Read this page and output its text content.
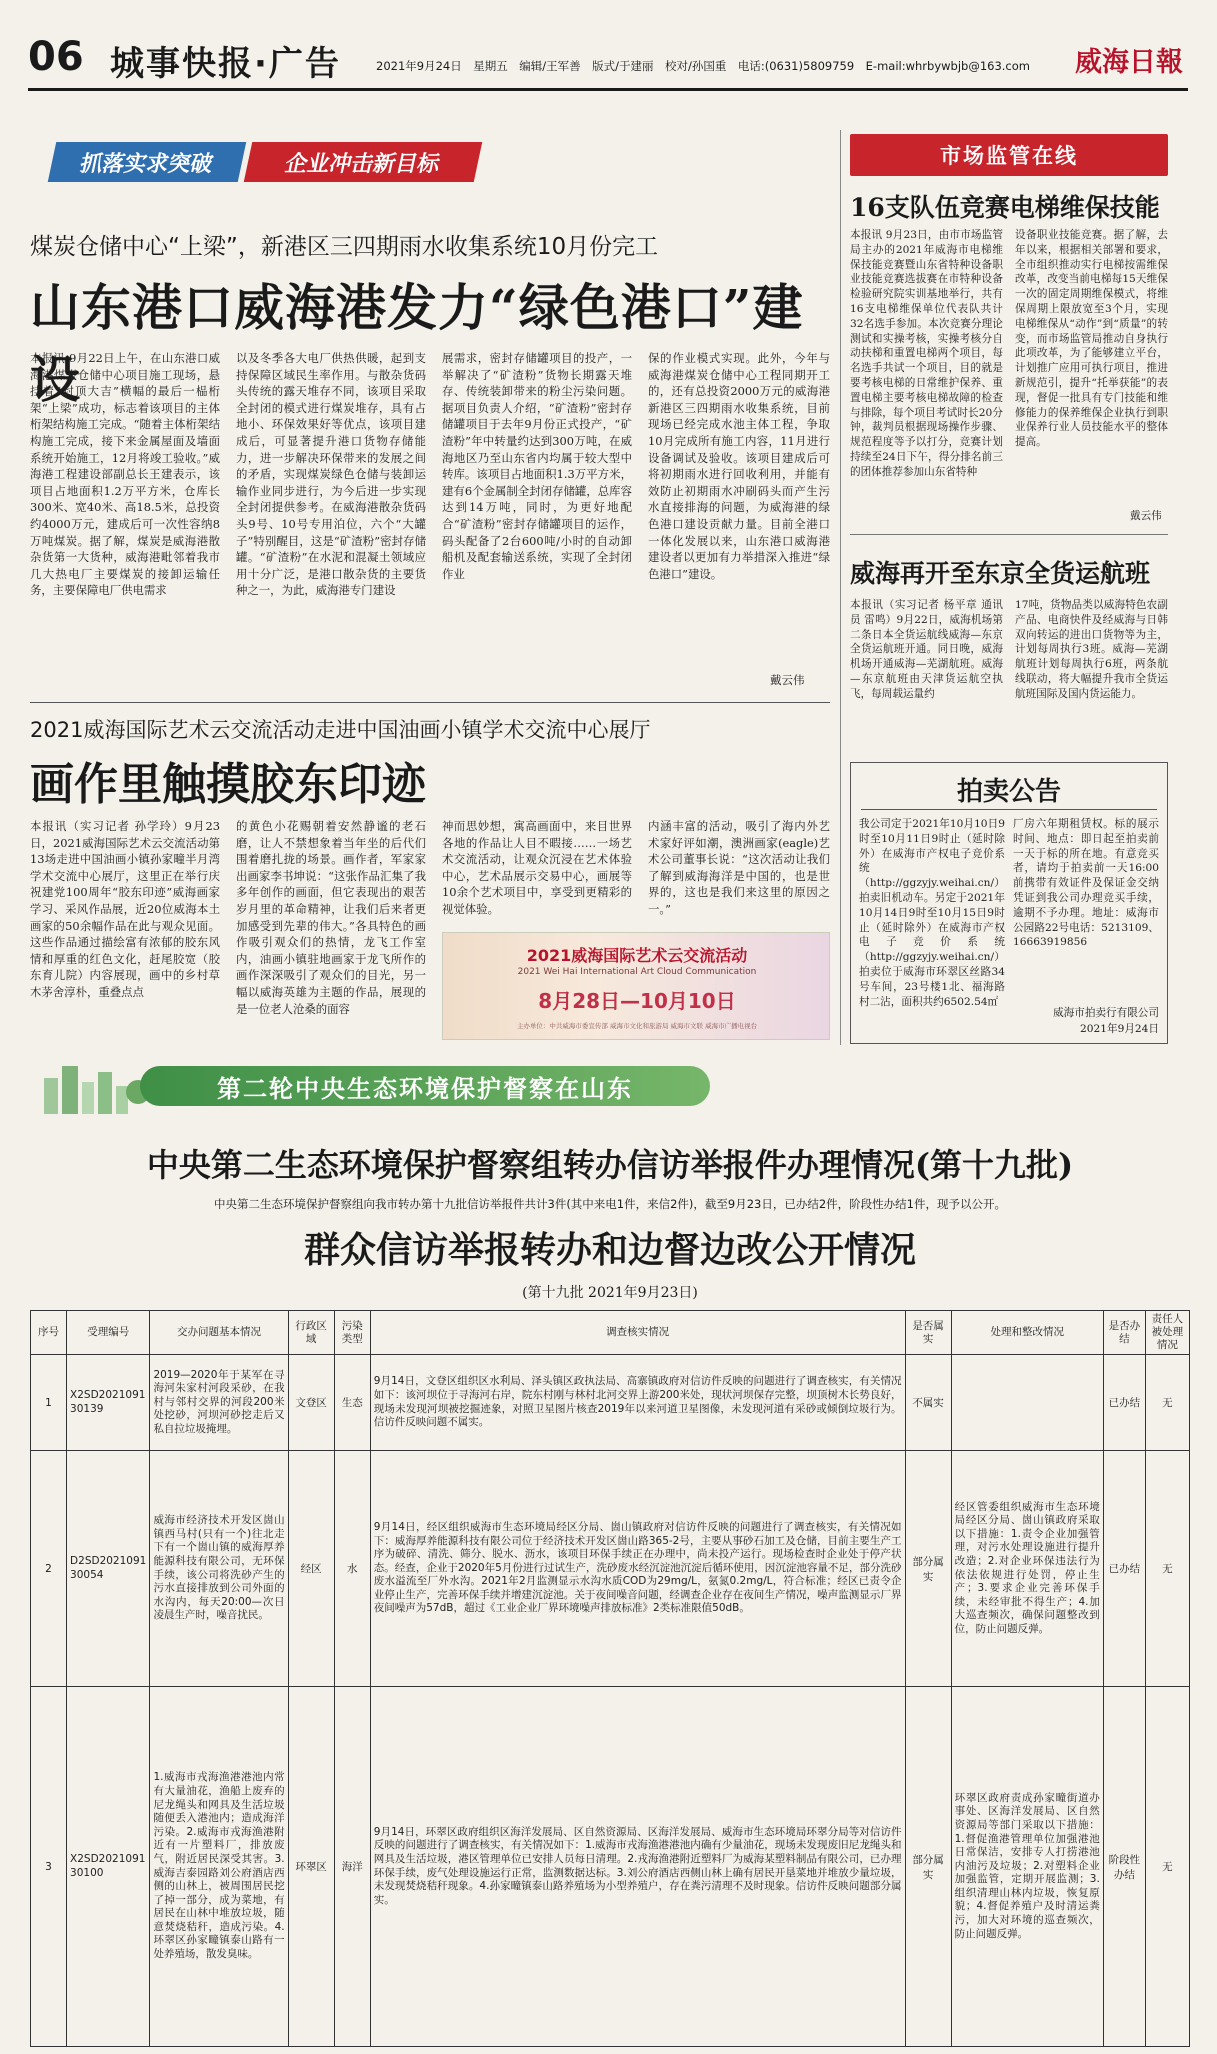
06 城事快报·广告	2021年9月24日　星期五　编辑/王军善　版式/于建丽　校对/孙国重　电话:(0631)5809759　E-mail:whrbywbjb@163.com 威海日報
抓落实求突破	企业冲击新目标
煤炭仓储中心“上梁”，新港区三四期雨水收集系统10月份完工
山东港口威海港发力“绿色港口”建设
本报讯 9月22日上午，在山东港口威海港煤炭仓储中心项目施工现场，悬挂着“封顶大吉”横幅的最后一榀桁架“上梁”成功，标志着该项目的主体桁架结构施工完成。“随着主体桁架结构施工完成，接下来金属屋面及墙面系统开始施工，12月将竣工验收。”威海港工程建设部副总长王建表示，该项目占地面积1.2万平方米，仓库长300米、宽40米、高18.5米，总投资约4000万元，建成后可一次性容纳8万吨煤炭。据了解，煤炭是威海港散杂货第一大货种，威海港毗邻着我市几大热电厂主要煤炭的接卸运输任务，主要保障电厂供电需求
以及冬季各大电厂供热供暖，起到支持保障区域民生率作用。与散杂货码头传统的露天堆存不同，该项目采取全封闭的模式进行煤炭堆存，具有占地小、环保效果好等优点，该项目建成后，可显著提升港口货物存储能力，进一步解决环保带来的发展之间的矛盾，实现煤炭绿色仓储与装卸运输作业同步进行，为今后进一步实现全封闭提供参考。在威海港散杂货码头9号、10号专用泊位，六个“大罐子”特别醒目，这是“矿渣粉”密封存储罐。“矿渣粉”在水泥和混凝土领域应用十分广泛，是港口散杂货的主要货种之一，为此，威海港专门建设
展需求，密封存储罐项目的投产，一举解决了“矿渣粉”货物长期露天堆存、传统装卸带来的粉尘污染问题。据项目负责人介绍，“矿渣粉”密封存储罐项目于去年9月份正式投产，“矿渣粉”年中转量约达到300万吨，在威海地区乃至山东省内均属于较大型中转库。该项目占地面积1.3万平方米，建有6个金属制全封闭存储罐，总库容达到14万吨，同时，为更好地配合“矿渣粉”密封存储罐项目的运作，码头配备了2台600吨/小时的自动卸船机及配套输送系统，实现了全封闭作业
保的作业模式实现。此外，今年与威海港煤炭仓储中心工程同期开工的，还有总投资2000万元的威海港新港区三四期雨水收集系统，目前现场已经完成水池主体工程，争取10月完成所有施工内容，11月进行设备调试及验收。该项目建成后可将初期雨水进行回收利用，并能有效防止初期雨水冲刷码头而产生污水直接排海的问题，为威海港的绿色港口建设贡献力量。目前全港口一体化发展以来，山东港口威海港建设者以更加有力举措深入推进“绿色港口”建设。
戴云伟
2021威海国际艺术云交流活动走进中国油画小镇学术交流中心展厅
画作里触摸胶东印迹
本报讯（实习记者 孙学玲）9月23日，2021威海国际艺术云交流活动第13场走进中国油画小镇孙家疃半月湾学术交流中心展厅，这里正在举行庆祝建党100周年“胶东印迹”威海画家学习、采风作品展，近20位威海本土画家的50余幅作品在此与观众见面。这些作品通过描绘富有浓郁的胶东风情和厚重的红色文化，赶尾胶宽（胶东育儿院）内容展现，画中的乡村草木茅舍淳朴，重叠点点
的黄色小花赐朝着安然静谧的老石磨，让人不禁想象着当年坐的后代们围着磨扎拢的场景。画作者，军家家出画家李书坤说：“这张作品汇集了我多年创作的画面，但它表现出的艰苦岁月里的革命精神，让我们后来者更加感受到先辈的伟大。”各具特色的画作吸引观众们的热情，龙飞工作室内，油画小镇驻地画家于龙飞所作的画作深深吸引了观众们的目光，另一幅以威海英雄为主题的作品，展现的是一位老人沧桑的面容
神而思妙想，寓高画面中，来目世界各地的作品让人目不暇接……一场艺术交流活动，让观众沉浸在艺术体验中心，艺术品展示交易中心，画展等10余个艺术项目中，享受到更精彩的视觉体验。
内涵丰富的活动，吸引了海内外艺术家好评如潮，澳洲画家(eagle)艺术公司董事长说：“这次活动让我们了解到威海海洋是中国的，也是世界的，这也是我们来这里的原因之一。”
2021威海国际艺术云交流活动
2021 Wei Hai International Art Cloud Communication
8月28日—10月10日
主办单位：中共威海市委宣传部 威海市文化和旅游局 威海市文联 威海市广播电视台
市场监管在线
16支队伍竞赛电梯维保技能
本报讯 9月23日，由市市场监管局主办的2021年威海市电梯维保技能竞赛暨山东省特种设备职业技能竞赛选拔赛在市特种设备检验研究院实训基地举行，共有16支电梯维保单位代表队共计32名选手参加。本次竞赛分理论测试和实操考核，实操考核分自动扶梯和重置电梯两个项目，每名选手共试一个项目，目的就是要考核电梯的日常维护保养、重置电梯主要考核电梯故障的检查与排除，每个项目考试时长20分钟，裁判员根据现场操作步骤、规范程度等予以打分，竞赛计划持续至24日下午，得分排名前三的团体推荐参加山东省特种
设备职业技能竞赛。据了解，去年以来，根据相关部署和要求，全市组织推动实行电梯按需维保改革，改变当前电梯每15天维保一次的固定周期维保模式，将维保周期上限放宽至3个月，实现电梯维保从“动作”到“质量”的转变，而市场监管局推动自身执行此项改革，为了能够建立平台，计划推广应用可执行项目，推进新规范引，提升“托举获能”的表现，督促一批具有专门技能和维修能力的保养维保企业执行到职业保养行业人员技能水平的整体提高。
戴云伟
威海再开至东京全货运航班
本报讯（实习记者 杨平章 通讯员 雷鸣）9月22日，威海机场第二条日本全货运航线威海—东京全货运航班开通。同日晚，威海机场开通威海—芜湖航班。威海—东京航班由天津货运航空执飞，每周载运量约
17吨，货物品类以威海特色农副产品、电商快件及经威海与日韩双向转运的进出口货物等为主，计划每周执行3班。威海—芜湖航班计划每周执行6班，两条航线联动，将大幅提升我市全货运航班国际及国内货运能力。
拍卖公告
我公司定于2021年10月10日9时至10月11日9时止（延时除外）在威海市产权电子竞价系统（http://ggzyjy.weihai.cn/）拍卖旧机动车。另定于2021年10月14日9时至10月15日9时止（延时除外）在威海市产权电子竞价系统（http://ggzyjy.weihai.cn/）拍卖位于威海市环翠区丝路34号车间，23号楼1北、福海路村二沾，面积共约6502.54㎡
厂房六年期租赁权。标的展示时间、地点：即日起至拍卖前一天于标的所在地。有意竞买者，请均于拍卖前一天16:00前携带有效证件及保证金交纳凭证到我公司办理竞买手续，逾期不予办理。地址：威海市公园路22号电话：5213109、16663919856
威海市拍卖行有限公司
2021年9月24日
第二轮中央生态环境保护督察在山东
中央第二生态环境保护督察组转办信访举报件办理情况(第十九批)
中央第二生态环境保护督察组向我市转办第十九批信访举报件共计3件(其中来电1件，来信2件)，截至9月23日，已办结2件，阶段性办结1件，现予以公开。
群众信访举报转办和边督边改公开情况
(第十九批 2021年9月23日)
序号	受理编号	交办问题基本情况	行政区域	污染类型	调查核实情况	是否属实	处理和整改情况	是否办结	责任人被处理情况
1	X2SD2021091 30139	2019—2020年于某军在寻海河朱家村河段采砂，在我村与邻村交界的河段200米处挖砂，河坝河砂挖走后又私自拉垃圾掩埋。	文登区	生态	9月14日，文登区组织区水利局、泽头镇区政执法局、高寨镇政府对信访件反映的问题进行了调查核实，有关情况如下：该河坝位于寻海河右岸，院东村刚与林村北河交界上游200米处，现状河坝保存完整，坝顶树木长势良好，现场未发现河坝被挖掘迹象，对照卫星图片核查2019年以来河道卫星图像，未发现河道有采砂或倾倒垃圾行为。信访件反映问题不属实。	不属实		已办结	无
2	D2SD2021091 30054	威海市经济技术开发区崮山镇西马村(只有一个)往北走下有一个崮山镇的威海厚养能源科技有限公司，无环保手续，该公司将洗砂产生的污水直接排放到公司外面的水沟内，每天20:00—次日凌晨生产时，噪音扰民。	经区	水	9月14日，经区组织威海市生态环境局经区分局、崮山镇政府对信访件反映的问题进行了调查核实，有关情况如下：威海厚养能源科技有限公司位于经济技术开发区崮山路365-2号，主要从事砂石加工及仓储，目前主要生产工序为破碎、清洗、筛分、脱水、沥水，该项目环保手续正在办理中，尚未投产运行。现场检查时企业处于停产状态。经查，企业于2020年5月份进行过试生产，洗砂废水经沉淀池沉淀后循环使用，因沉淀池容量不足，部分洗砂废水溢流至厂外水沟。2021年2月监测显示水沟水质COD为29mg/L，氨氮0.2mg/L，符合标准；经区已责令企业停止生产，完善环保手续并增建沉淀池。关于夜间噪音问题，经调查企业存在夜间生产情况，噪声监测显示厂界夜间噪声为57dB，超过《工业企业厂界环境噪声排放标准》2类标准限值50dB。	部分属实	经区管委组织威海市生态环境局经区分局、崮山镇政府采取以下措施：1.责令企业加强管理，对污水处理设施进行提升改造；2.对企业环保违法行为依法依规进行处罚，停止生产；3.要求企业完善环保手续，未经审批不得生产；4.加大巡查频次，确保问题整改到位，防止问题反弹。	已办结	无
3	X2SD2021091 30100	1.威海市戎海渔港港池内常有大量油花，渔船上废弃的尼龙绳头和网具及生活垃圾随便丢入港池内；造成海洋污染。2.威海市戎海渔港附近有一片塑料厂，排放废气，附近居民深受其害。3.威海吉泰园路刘公府酒店西侧的山林上，被周围居民挖了掉一部分，成为菜地，有居民在山林中堆放垃圾，随意焚烧秸秆，造成污染。4.环翠区孙家疃镇泰山路有一处养殖场，散发臭味。	环翠区	海洋	9月14日，环翠区政府组织区海洋发展局、区自然资源局、区海洋发展局、威海市生态环境局环翠分局等对信访件反映的问题进行了调查核实，有关情况如下：1.威海市戎海渔港港池内确有少量油花，现场未发现废旧尼龙绳头和网具及生活垃圾，港区管理单位已安排人员每日清理。2.戎海渔港附近塑料厂为威海某塑料制品有限公司，已办理环保手续，废气处理设施运行正常，监测数据达标。3.刘公府酒店西侧山林上确有居民开垦菜地并堆放少量垃圾，未发现焚烧秸秆现象。4.孙家疃镇泰山路养殖场为小型养殖户，存在粪污清理不及时现象。信访件反映问题部分属实。	部分属实	环翠区政府责成孙家疃街道办事处、区海洋发展局、区自然资源局等部门采取以下措施：1.督促渔港管理单位加强港池日常保洁，安排专人打捞港池内油污及垃圾；2.对塑料企业加强监管，定期开展监测；3.组织清理山林内垃圾，恢复原貌；4.督促养殖户及时清运粪污，加大对环境的巡查频次，防止问题反弹。	阶段性办结	无
